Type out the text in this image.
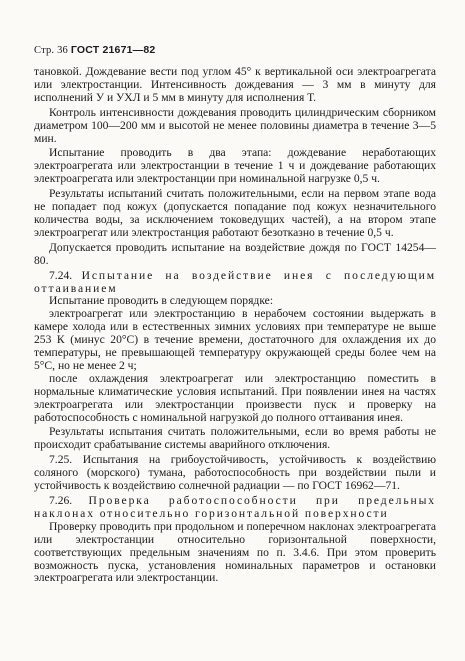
Стр. 36 ГОСТ 21671—82

тановкой. Дождевание вести под углом 45° к вертикальной оси электроагрегата или электростанции. Интенсивность дождевания — 3 мм в минуту для исполнений У и УХЛ и 5 мм в минуту для исполнения Т.

Контроль интенсивности дождевания проводить цилиндрическим сборником диаметром 100—200 мм и высотой не менее половины диаметра в течение 3—5 мин.

Испытание проводить в два этапа: дождевание неработающих электроагрегата или электростанции в течение 1 ч и дождевание работающих электроагрегата или электростанции при номинальной нагрузке 0,5 ч.

Результаты испытаний считать положительными, если на первом этапе вода не попадает под кожух (допускается попадание под кожух незначительного количества воды, за исключением токоведущих частей), а на втором этапе электроагрегат или электростанция работают безотказно в течение 0,5 ч.

Допускается проводить испытание на воздействие дождя по ГОСТ 14254—80.

7.24. Испытание на воздействие инея с последующим оттаиванием

Испытание проводить в следующем порядке:

электроагрегат или электростанцию в нерабочем состоянии выдержать в камере холода или в естественных зимних условиях при температуре не выше 253 К (минус 20°С) в течение времени, достаточного для охлаждения их до температуры, не превышающей температуру окружающей среды более чем на 5°С, но не менее 2 ч;

после охлаждения электроагрегат или электростанцию поместить в нормальные климатические условия испытаний. При появлении инея на частях электроагрегата или электростанции произвести пуск и проверку на работоспособность с номинальной нагрузкой до полного оттаивания инея.

Результаты испытания считать положительными, если во время работы не происходит срабатывание системы аварийного отключения.

7.25. Испытания на грибоустойчивость, устойчивость к воздействию соляного (морского) тумана, работоспособность при воздействии пыли и устойчивость к воздействию солнечной радиации — по ГОСТ 16962—71.

7.26. Проверка работоспособности при предельных наклонах относительно горизонтальной поверхности

Проверку проводить при продольном и поперечном наклонах электроагрегата или электростанции относительно горизонтальной поверхности, соответствующих предельным значениям по п. 3.4.6. При этом проверить возможность пуска, установления номинальных параметров и остановки электроагрегата или электростанции.
